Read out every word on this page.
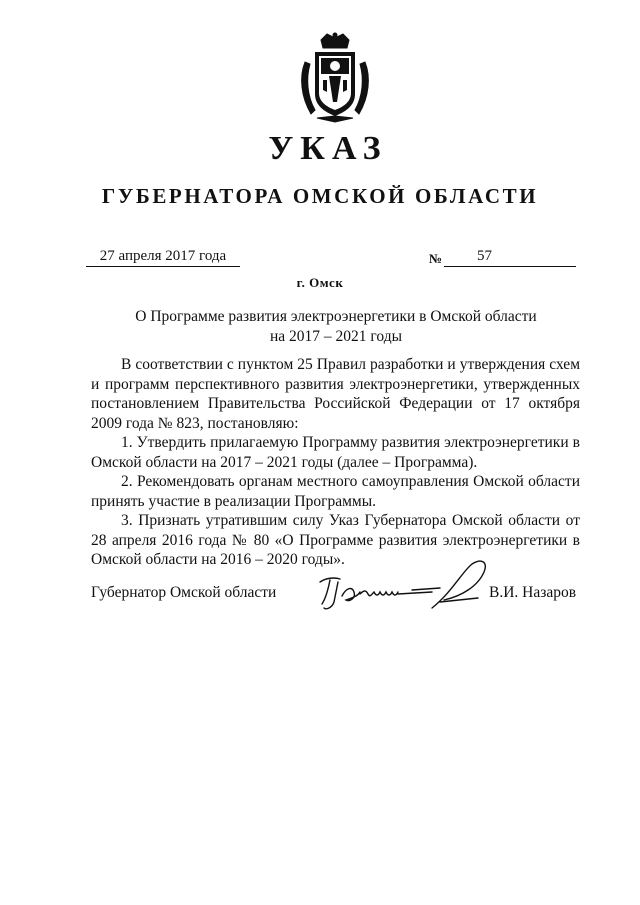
УКАЗ
ГУБЕРНАТОРА ОМСКОЙ ОБЛАСТИ
27 апреля 2017 года	№ 57
г. Омск
О Программе развития электроэнергетики в Омской области
на 2017 – 2021 годы

В соответствии с пунктом 25 Правил разработки и утверждения схем и программ перспективного развития электроэнергетики, утвержденных постановлением Правительства Российской Федерации от 17 октября 2009 года № 823, постановляю:

1. Утвердить прилагаемую Программу развития электроэнергетики в Омской области на 2017 – 2021 годы (далее – Программа).

2. Рекомендовать органам местного самоуправления Омской области принять участие в реализации Программы.

3. Признать утратившим силу Указ Губернатора Омской области от 28 апреля 2016 года № 80 «О Программе развития электроэнергетики в Омской области на 2016 – 2020 годы».

Губернатор Омской области	В.И. Назаров
